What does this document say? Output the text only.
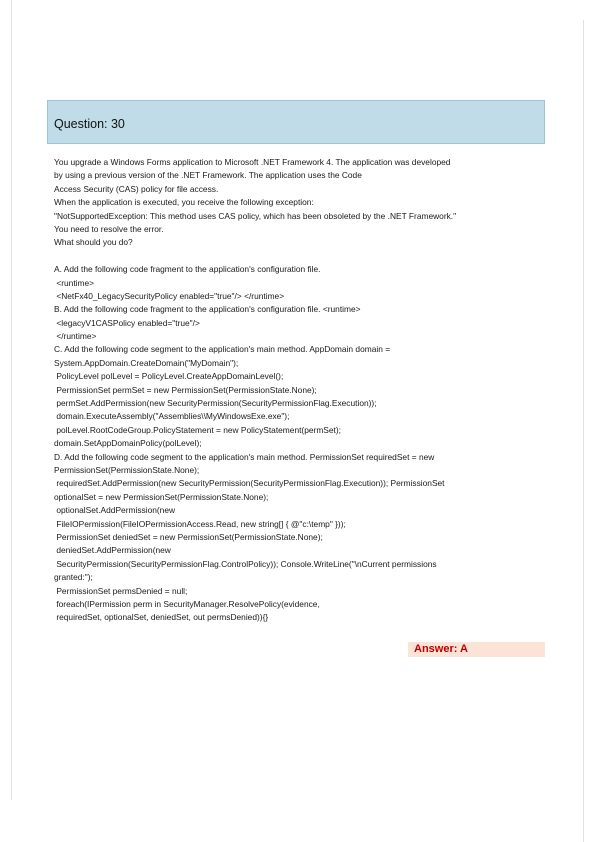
Question: 30
You upgrade a Windows Forms application to Microsoft .NET Framework 4. The application was developed
by using a previous version of the .NET Framework. The application uses the Code
Access Security (CAS) policy for file access.
When the application is executed, you receive the following exception:
"NotSupportedException: This method uses CAS policy, which has been obsoleted by the .NET Framework."
You need to resolve the error.
What should you do?
A. Add the following code fragment to the application's configuration file.
<runtime>
<NetFx40_LegacySecurityPolicy enabled="true"/> </runtime>
B. Add the following code fragment to the application's configuration file. <runtime>
<legacyV1CASPolicy enabled="true"/>
</runtime>
C. Add the following code segment to the application's main method. AppDomain domain =
System.AppDomain.CreateDomain("MyDomain");
PolicyLevel polLevel = PolicyLevel.CreateAppDomainLevel();
PermissionSet permSet = new PermissionSet(PermissionState.None);
permSet.AddPermission(new SecurityPermission(SecurityPermissionFlag.Execution));
domain.ExecuteAssembly("Assemblies\\MyWindowsExe.exe");
polLevel.RootCodeGroup.PolicyStatement = new PolicyStatement(permSet);
domain.SetAppDomainPolicy(polLevel);
D. Add the following code segment to the application's main method. PermissionSet requiredSet = new
PermissionSet(PermissionState.None);
requiredSet.AddPermission(new SecurityPermission(SecurityPermissionFlag.Execution)); PermissionSet
optionalSet = new PermissionSet(PermissionState.None);
optionalSet.AddPermission(new
FileIOPermission(FileIOPermissionAccess.Read, new string[] { @"c:\temp" }));
PermissionSet deniedSet = new PermissionSet(PermissionState.None);
deniedSet.AddPermission(new
SecurityPermission(SecurityPermissionFlag.ControlPolicy)); Console.WriteLine("\nCurrent permissions
granted:");
PermissionSet permsDenied = null;
foreach(IPermission perm in SecurityManager.ResolvePolicy(evidence,
requiredSet, optionalSet, deniedSet, out permsDenied)){}
Answer: A
